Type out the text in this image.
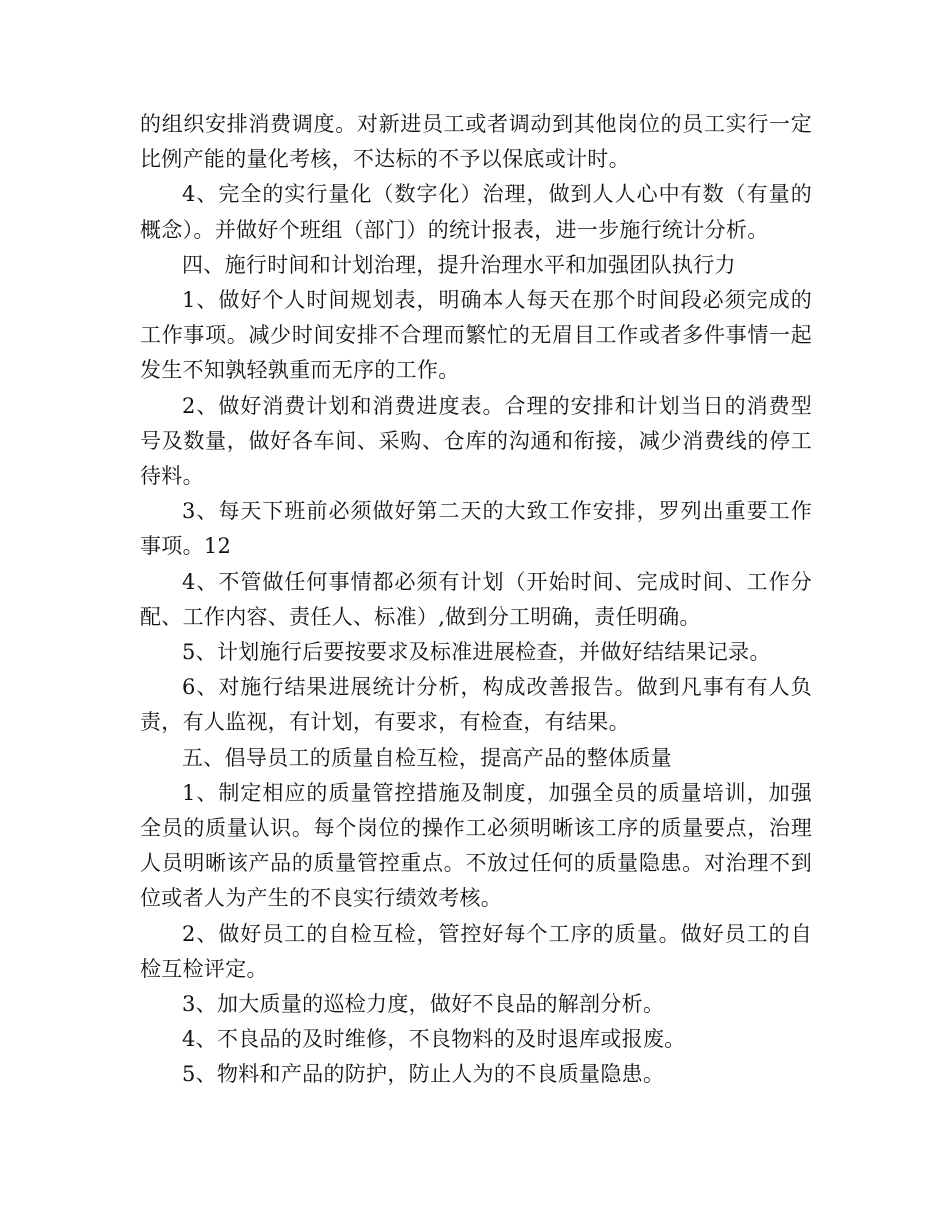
的组织安排消费调度。对新进员工或者调动到其他岗位的员工实行一定比例产能的量化考核，不达标的不予以保底或计时。

4、完全的实行量化（数字化）治理，做到人人心中有数（有量的概念）。并做好个班组（部门）的统计报表，进一步施行统计分析。

四、施行时间和计划治理，提升治理水平和加强团队执行力

1、做好个人时间规划表，明确本人每天在那个时间段必须完成的工作事项。减少时间安排不合理而繁忙的无眉目工作或者多件事情一起发生不知孰轻孰重而无序的工作。

2、做好消费计划和消费进度表。合理的安排和计划当日的消费型号及数量，做好各车间、采购、仓库的沟通和衔接，减少消费线的停工待料。

3、每天下班前必须做好第二天的大致工作安排，罗列出重要工作事项。12

4、不管做任何事情都必须有计划（开始时间、完成时间、工作分配、工作内容、责任人、标准）,做到分工明确，责任明确。

5、计划施行后要按要求及标准进展检查，并做好结结果记录。

6、对施行结果进展统计分析，构成改善报告。做到凡事有有人负责，有人监视，有计划，有要求，有检查，有结果。

五、倡导员工的质量自检互检，提高产品的整体质量

1、制定相应的质量管控措施及制度，加强全员的质量培训，加强全员的质量认识。每个岗位的操作工必须明晰该工序的质量要点，治理人员明晰该产品的质量管控重点。不放过任何的质量隐患。对治理不到位或者人为产生的不良实行绩效考核。

2、做好员工的自检互检，管控好每个工序的质量。做好员工的自检互检评定。

3、加大质量的巡检力度，做好不良品的解剖分析。

4、不良品的及时维修，不良物料的及时退库或报废。

5、物料和产品的防护，防止人为的不良质量隐患。
